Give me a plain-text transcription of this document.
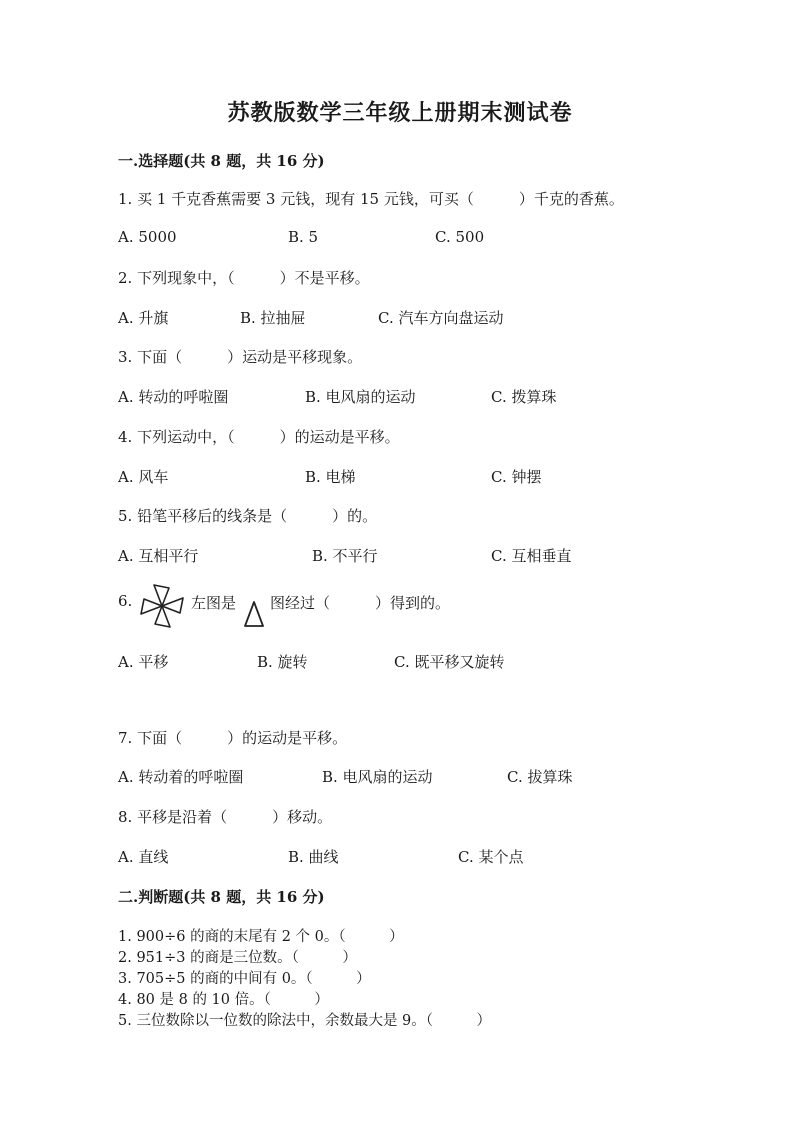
苏教版数学三年级上册期末测试卷
一.选择题(共 8 题，共 16 分)
1. 买 1 千克香蕉需要 3 元钱，现有 15 元钱，可买（　　　）千克的香蕉。
A. 5000	B. 5	C. 500
2. 下列现象中，（　　　）不是平移。
A. 升旗	B. 拉抽屉	C. 汽车方向盘运动
3. 下面（　　　）运动是平移现象。
A. 转动的呼啦圈	B. 电风扇的运动	C. 拨算珠
4. 下列运动中，（　　　）的运动是平移。
A. 风车	B. 电梯	C. 钟摆
5. 铅笔平移后的线条是（　　　）的。
A. 互相平行	B. 不平行	C. 互相垂直
6.	左图是 图经过（　　　）得到的。
A. 平移	B. 旋转	C. 既平移又旋转
7. 下面（　　　）的运动是平移。
A. 转动着的呼啦圈	B. 电风扇的运动	C. 拔算珠
8. 平移是沿着（　　　）移动。
A. 直线	B. 曲线	C. 某个点
二.判断题(共 8 题，共 16 分)
1. 900÷6 的商的末尾有 2 个 0。（　　　）
2. 951÷3 的商是三位数。（　　　）
3. 705÷5 的商的中间有 0。（　　　）
4. 80 是 8 的 10 倍。（　　　）
5. 三位数除以一位数的除法中，余数最大是 9。（　　　）
